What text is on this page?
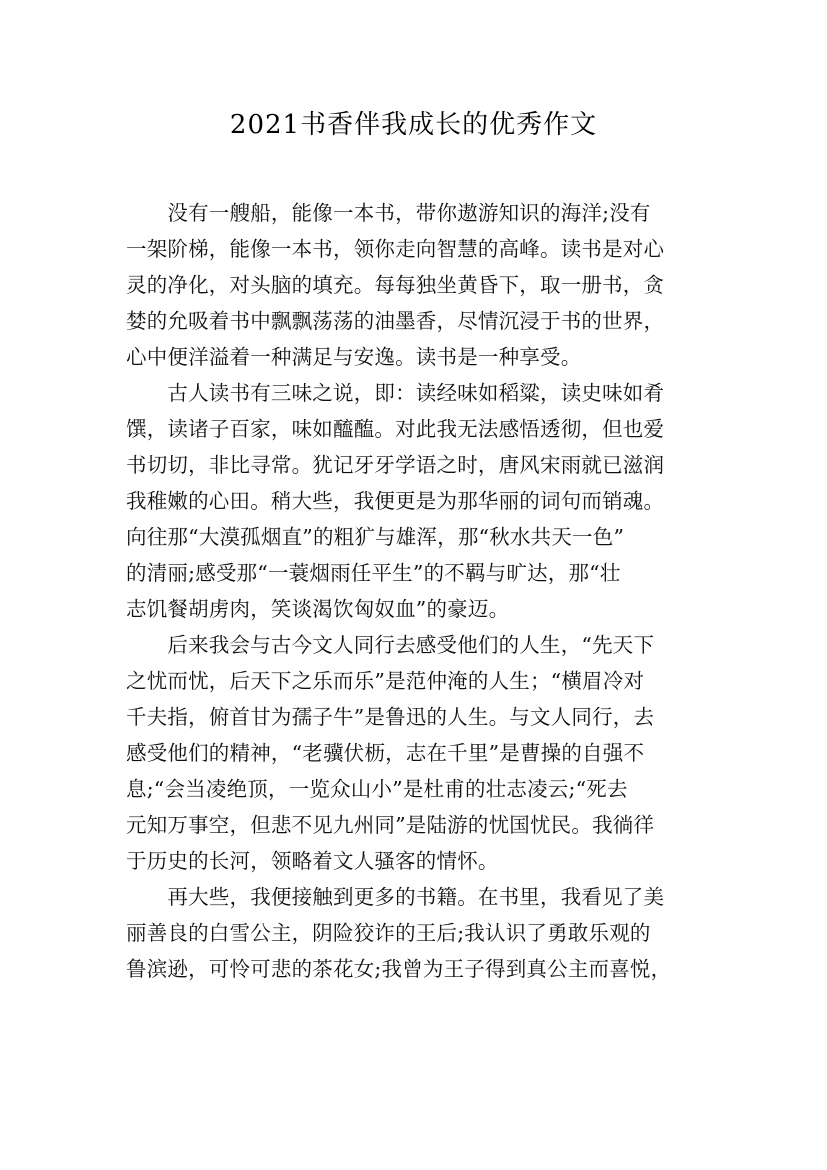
2021书香伴我成长的优秀作文
　　没有一艘船，能像一本书，带你遨游知识的海洋;没有
一架阶梯，能像一本书，领你走向智慧的高峰。读书是对心
灵的净化，对头脑的填充。每每独坐黄昏下，取一册书，贪
婪的允吸着书中飘飘荡荡的油墨香，尽情沉浸于书的世界，
心中便洋溢着一种满足与安逸。读书是一种享受。
　　古人读书有三味之说，即：读经味如稻粱，读史味如肴
馔，读诸子百家，味如醯醢。对此我无法感悟透彻，但也爱
书切切，非比寻常。犹记牙牙学语之时，唐风宋雨就已滋润
我稚嫩的心田。稍大些，我便更是为那华丽的词句而销魂。
向往那“大漠孤烟直”的粗犷与雄浑，那“秋水共天一色”
的清丽;感受那“一蓑烟雨任平生”的不羁与旷达，那“壮
志饥餐胡虏肉，笑谈渴饮匈奴血”的豪迈。
　　后来我会与古今文人同行去感受他们的人生，“先天下
之忧而忧，后天下之乐而乐”是范仲淹的人生；“横眉冷对
千夫指，俯首甘为孺子牛”是鲁迅的人生。与文人同行，去
感受他们的精神，“老骥伏枥，志在千里”是曹操的自强不
息;“会当凌绝顶，一览众山小”是杜甫的壮志凌云;“死去
元知万事空，但悲不见九州同”是陆游的忧国忧民。我徜徉
于历史的长河，领略着文人骚客的情怀。
　　再大些，我便接触到更多的书籍。在书里，我看见了美
丽善良的白雪公主，阴险狡诈的王后;我认识了勇敢乐观的
鲁滨逊，可怜可悲的茶花女;我曾为王子得到真公主而喜悦，
